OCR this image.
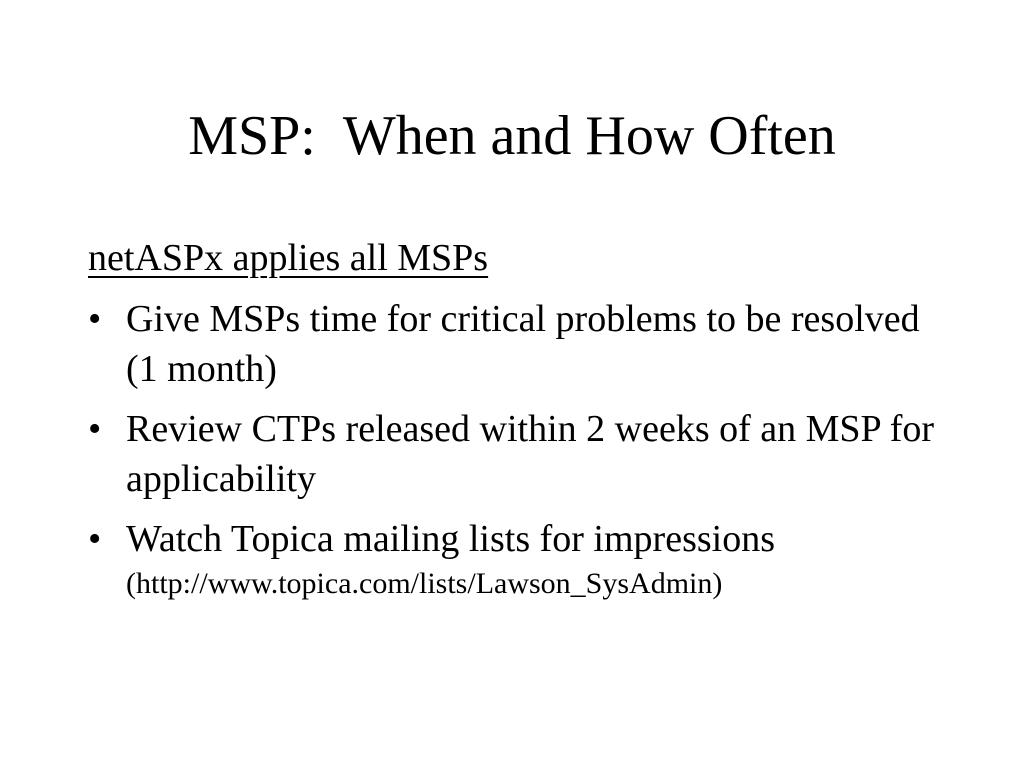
MSP:  When and How Often

netASPx applies all MSPs

• Give MSPs time for critical problems to be resolved (1 month)
• Review CTPs released within 2 weeks of an MSP for applicability
• Watch Topica mailing lists for impressions
(http://www.topica.com/lists/Lawson_SysAdmin)
